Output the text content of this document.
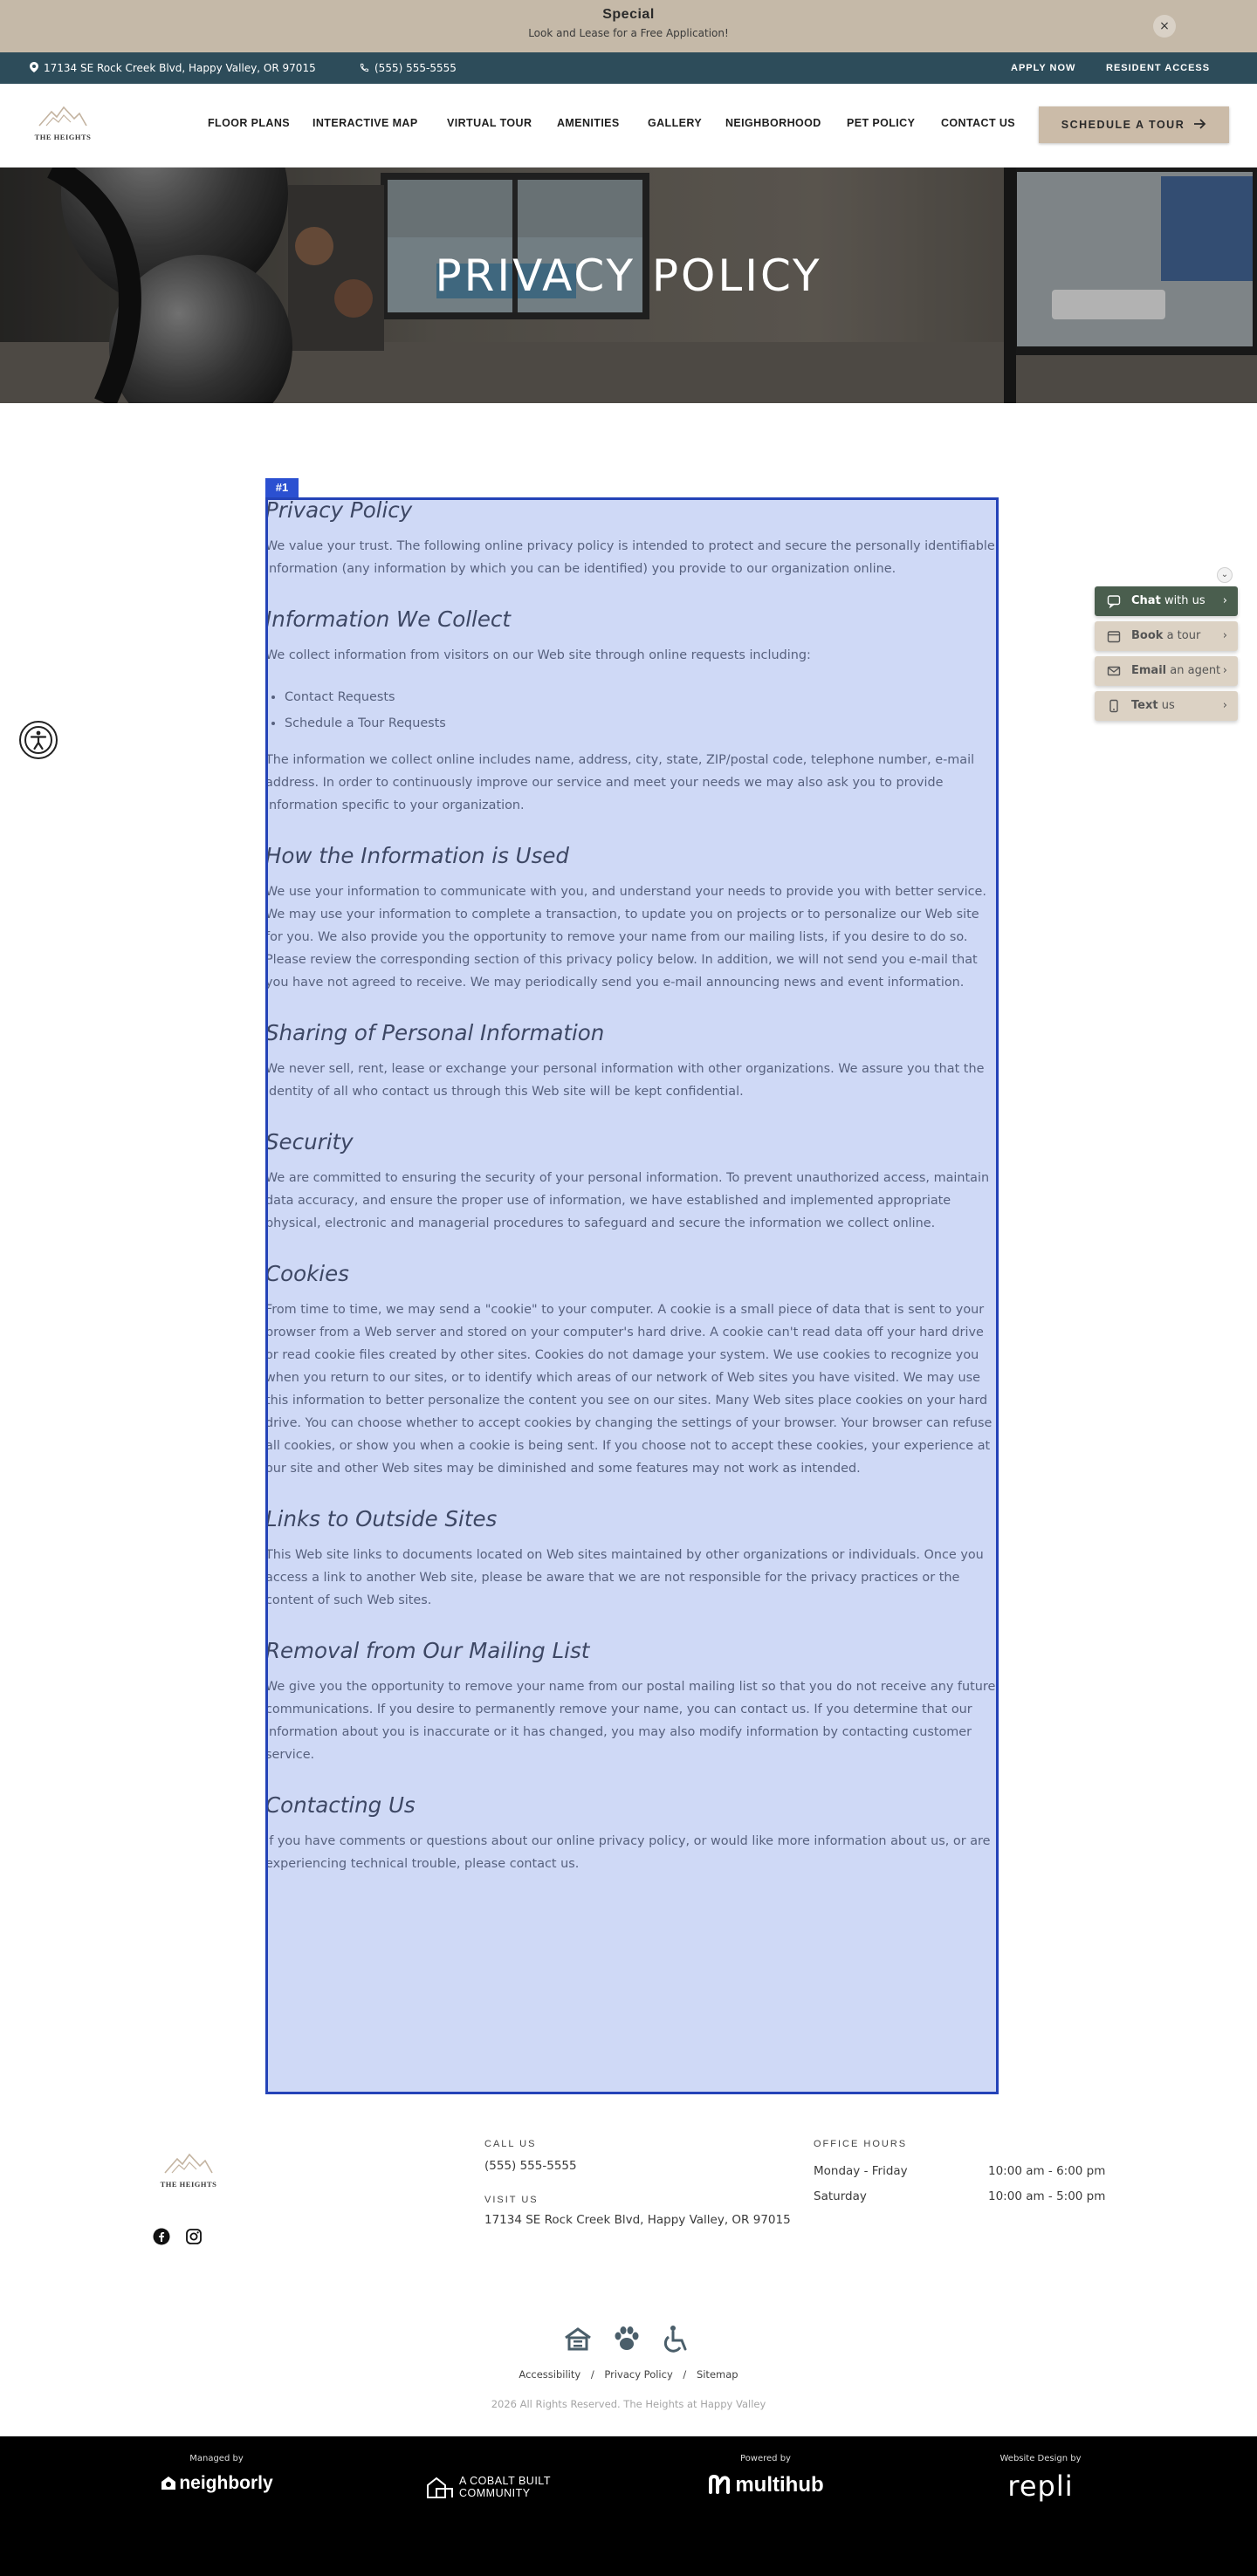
Special
Look and Lease for a Free Application!	×
17134 SE Rock Creek Blvd, Happy Valley, OR 97015	(555) 555-5555	APPLY NOW	RESIDENT ACCESS
THE HEIGHTS
FLOOR PLANS INTERACTIVE MAP	VIRTUAL TOUR AMENITIES	GALLERY NEIGHBORHOOD PET POLICY CONTACT US	SCHEDULE A TOUR
PRIVACY POLICY
Privacy Policy

We value your trust. The following online privacy policy is intended to protect and secure the personally identifiable information (any information by which you can be identified) you provide to our organization online.

Information We Collect

We collect information from visitors on our Web site through online requests including:

• Contact Requests
• Schedule a Tour Requests

The information we collect online includes name, address, city, state, ZIP/postal code, telephone number, e-mail address. In order to continuously improve our service and meet your needs we may also ask you to provide information specific to your organization.

How the Information is Used

We use your information to communicate with you, and understand your needs to provide you with better service. We may use your information to complete a transaction, to update you on projects or to personalize our Web site for you. We also provide you the opportunity to remove your name from our mailing lists, if you desire to do so. Please review the corresponding section of this privacy policy below. In addition, we will not send you e-mail that you have not agreed to receive. We may periodically send you e-mail announcing news and event information.

Sharing of Personal Information

We never sell, rent, lease or exchange your personal information with other organizations. We assure you that the identity of all who contact us through this Web site will be kept confidential.

Security

We are committed to ensuring the security of your personal information. To prevent unauthorized access, maintain data accuracy, and ensure the proper use of information, we have established and implemented appropriate physical, electronic and managerial procedures to safeguard and secure the information we collect online.

Cookies

From time to time, we may send a "cookie" to your computer. A cookie is a small piece of data that is sent to your browser from a Web server and stored on your computer's hard drive. A cookie can't read data off your hard drive or read cookie files created by other sites. Cookies do not damage your system. We use cookies to recognize you when you return to our sites, or to identify which areas of our network of Web sites you have visited. We may use this information to better personalize the content you see on our sites. Many Web sites place cookies on your hard drive. You can choose whether to accept cookies by changing the settings of your browser. Your browser can refuse all cookies, or show you when a cookie is being sent. If you choose not to accept these cookies, your experience at our site and other Web sites may be diminished and some features may not work as intended.

Links to Outside Sites

This Web site links to documents located on Web sites maintained by other organizations or individuals. Once you access a link to another Web site, please be aware that we are not responsible for the privacy practices or the content of such Web sites.

Removal from Our Mailing List

We give you the opportunity to remove your name from our postal mailing list so that you do not receive any future communications. If you desire to permanently remove your name, you can contact us. If you determine that our information about you is inaccurate or it has changed, you may also modify information by contacting customer service.

Contacting Us

If you have comments or questions about our online privacy policy, or would like more information about us, or are experiencing technical trouble, please contact us.

#1
⌄
Chat with us ›
Book a tour ›
Email an agent ›
Text us	›
THE HEIGHTS
CALL US
(555) 555-5555
VISIT US
17134 SE Rock Creek Blvd, Happy Valley, OR 97015
OFFICE HOURS
Monday - Friday	10:00 am - 6:00 pm
Saturday	10:00 am - 5:00 pm
Accessibility / Privacy Policy / Sitemap
2026 All Rights Reserved. The Heights at Happy Valley
Managed by
neighborly	A COBALT BUILT COMMUNITY
Powered by
multihub
Website Design by
repli
